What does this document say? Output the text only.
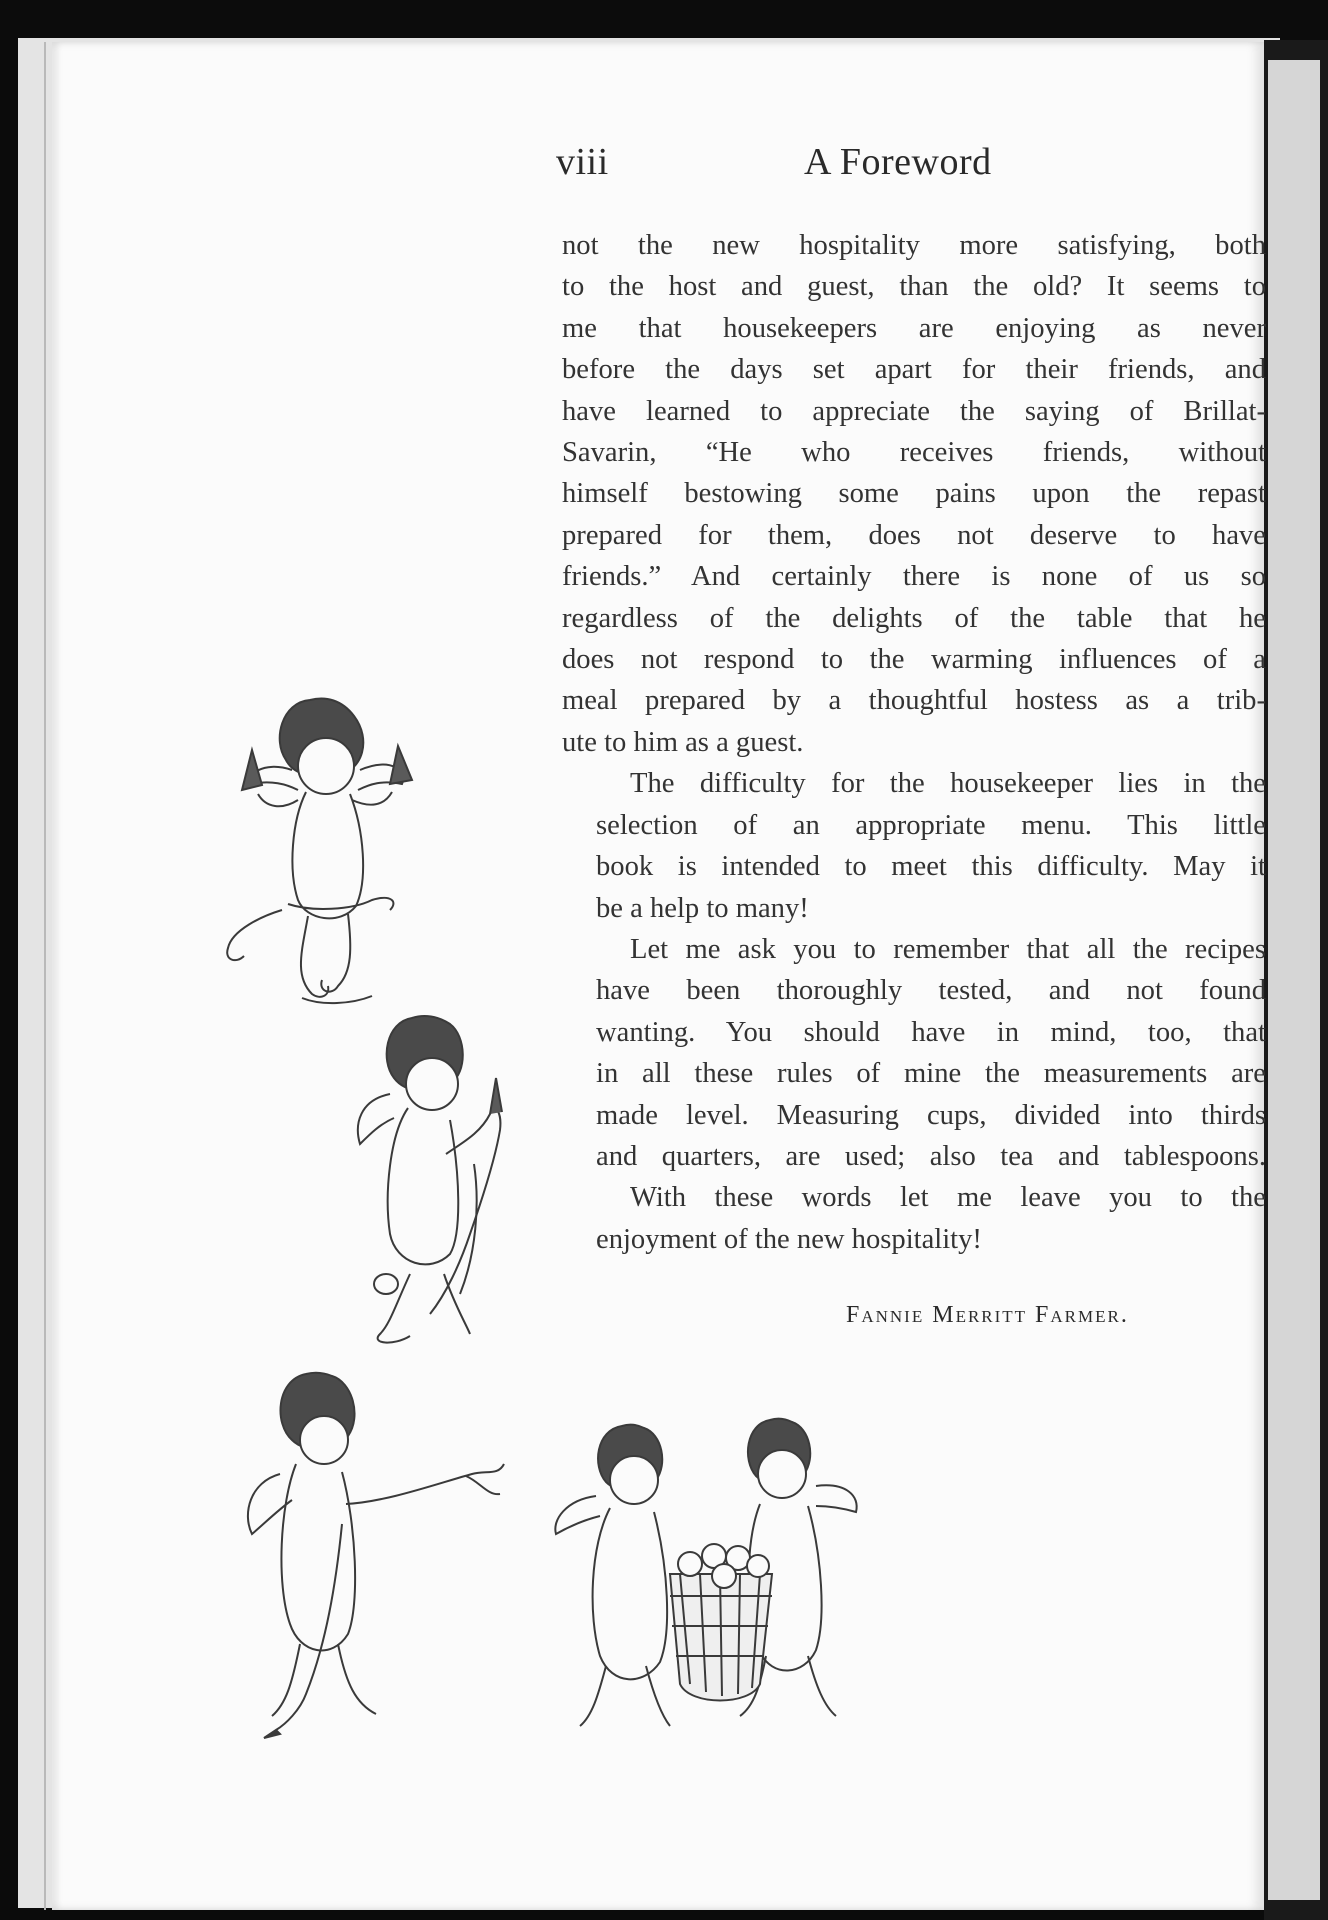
viii	A Foreword

not the new hospitality more satisfying, both
to the host and guest, than the old? It seems to
me that housekeepers are enjoying as never
before the days set apart for their friends, and
have learned to appreciate the saying of Brillat-
Savarin, “He who receives friends, without
himself bestowing some pains upon the repast
prepared for them, does not deserve to have
friends.” And certainly there is none of us so
regardless of the delights of the table that he
does not respond to the warming influences of a
meal prepared by a thoughtful hostess as a trib-
ute to him as a guest.

The difficulty for the housekeeper lies in the
selection of an appropriate menu. This little
book is intended to meet this difficulty. May it
be a help to many!

Let me ask you to remember that all the recipes
have been thoroughly tested, and not found
wanting. You should have in mind, too, that
in all these rules of mine the measurements are
made level. Measuring cups, divided into thirds
and quarters, are used; also tea and tablespoons.

With these words let me leave you to the
enjoyment of the new hospitality!

Fannie Merritt Farmer.
